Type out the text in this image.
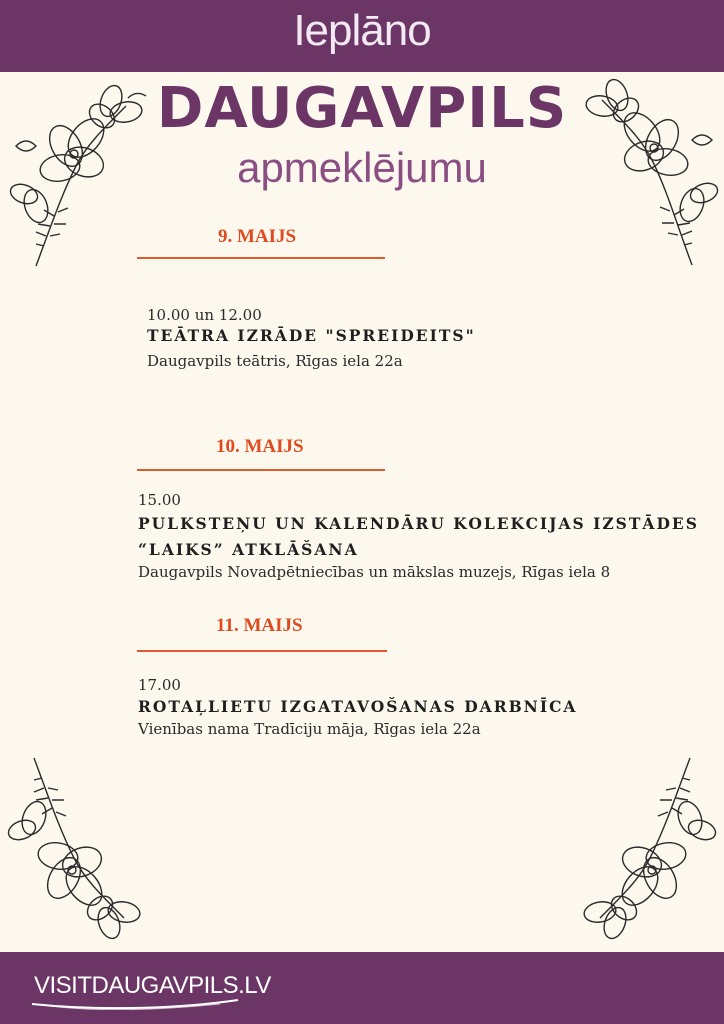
Ieplāno
DAUGAVPILS
apmeklējumu
9. MAIJS
10.00 un 12.00
TEĀTRA IZRĀDE "SPREIDEITS"
Daugavpils teātris, Rīgas iela 22a
10. MAIJS
15.00
PULKSTEŅU UN KALENDĀRU KOLEKCIJAS IZSTĀDES
“LAIKS” ATKLĀŠANA
Daugavpils Novadpētniecības un mākslas muzejs, Rīgas iela 8
11. MAIJS
17.00
ROTAĻLIETU IZGATAVOŠANAS DARBNĪCA
Vienības nama Tradīciju māja, Rīgas iela 22a
VISITDAUGAVPILS.LV
